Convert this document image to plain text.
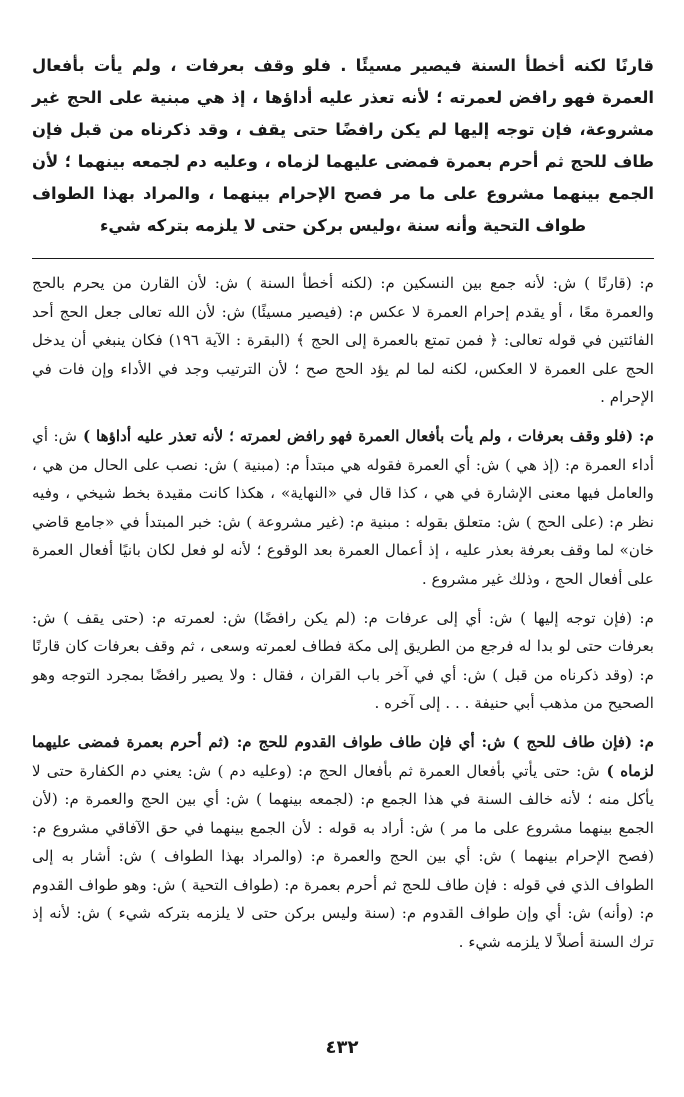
قارنًا لكنه أخطأ السنة فيصير مسيئًا . فلو وقف بعرفات ، ولم يأت بأفعال العمرة فهو رافض لعمرته ؛ لأنه تعذر عليه أداؤها ، إذ هي مبنية على الحج غير مشروعة، فإن توجه إليها لم يكن رافضًا حتى يقف ، وقد ذكرناه من قبل فإن طاف للحج ثم أحرم بعمرة فمضى عليهما لزماه ، وعليه دم لجمعه بينهما ؛ لأن الجمع بينهما مشروع على ما مر فصح الإحرام بينهما ، والمراد بهذا الطواف طواف التحية وأنه سنة ،وليس بركن حتى لا يلزمه بتركه شيء

م: (قارنًا ) ش: لأنه جمع بين النسكين م: (لكنه أخطأ السنة ) ش: لأن القارن من يحرم بالحج والعمرة معًا ، أو يقدم إحرام العمرة لا عكس م: (فيصير مسيئًا) ش: لأن الله تعالى جعل الحج أحد الفائتين في قوله تعالى: ﴿ فمن تمتع بالعمرة إلى الحج ﴾ (البقرة : الآية ١٩٦) فكان ينبغي أن يدخل الحج على العمرة لا العكس، لكنه لما لم يؤد الحج صح ؛ لأن الترتيب وجد في الأداء وإن فات في الإحرام .

م: (فلو وقف بعرفات ، ولم يأت بأفعال العمرة فهو رافض لعمرته ؛ لأنه تعذر عليه أداؤها ) ش: أي أداء العمرة م: (إذ هي ) ش: أي العمرة فقوله هي مبتدأ م: (مبنية ) ش: نصب على الحال من هي ، والعامل فيها معنى الإشارة في هي ، كذا قال في «النهاية» ، هكذا كانت مقيدة بخط شيخي ، وفيه نظر م: (على الحج ) ش: متعلق بقوله : مبنية م: (غير مشروعة ) ش: خبر المبتدأ في «جامع قاضي خان» لما وقف بعرفة بعذر عليه ، إذ أعمال العمرة بعد الوقوع ؛ لأنه لو فعل لكان بانيًا أفعال العمرة على أفعال الحج ، وذلك غير مشروع .

م: (فإن توجه إليها ) ش: أي إلى عرفات م: (لم يكن رافضًا) ش: لعمرته م: (حتى يقف ) ش: بعرفات حتى لو بدا له فرجع من الطريق إلى مكة فطاف لعمرته وسعى ، ثم وقف بعرفات كان قارنًا م: (وقد ذكرناه من قبل ) ش: أي في آخر باب القران ، فقال : ولا يصير رافضًا بمجرد التوجه وهو الصحيح من مذهب أبي حنيفة . . . إلى آخره .

م: (فإن طاف للحج ) ش: أي فإن طاف طواف القدوم للحج م: (ثم أحرم بعمرة فمضى عليهما لزماه ) ش: حتى يأتي بأفعال العمرة ثم بأفعال الحج م: (وعليه دم ) ش: يعني دم الكفارة حتى لا يأكل منه ؛ لأنه خالف السنة في هذا الجمع م: (لجمعه بينهما ) ش: أي بين الحج والعمرة م: (لأن الجمع بينهما مشروع على ما مر ) ش: أراد به قوله : لأن الجمع بينهما في حق الآفاقي مشروع م: (فصح الإحرام بينهما ) ش: أي بين الحج والعمرة م: (والمراد بهذا الطواف ) ش: أشار به إلى الطواف الذي في قوله : فإن طاف للحج ثم أحرم بعمرة م: (طواف التحية ) ش: وهو طواف القدوم م: (وأنه) ش: أي وإن طواف القدوم م: (سنة وليس بركن حتى لا يلزمه بتركه شيء ) ش: لأنه إذ ترك السنة أصلاً لا يلزمه شيء .

٤٣٢
